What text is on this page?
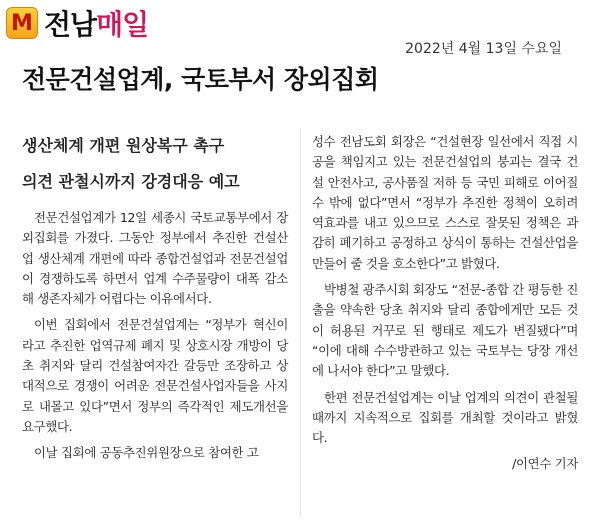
M 전남매일
2022년 4월 13일 수요일
전문건설업계, 국토부서 장외집회

생산체계 개편 원상복구 촉구

의견 관철시까지 강경대응 예고

전문건설업계가 12일 세종시 국토교통부에서 장외집회를 가졌다. 그동안 정부에서 추진한 건설산업 생산체계 개편에 따라 종합건설업과 전문건설업이 경쟁하도록 하면서 업계 수주물량이 대폭 감소해 생존자체가 어렵다는 이유에서다.

이번 집회에서 전문건설업계는 “정부가 혁신이라고 추진한 업역규제 폐지 및 상호시장 개방이 당초 취지와 달리 건설참여자간 갈등만 조장하고 상대적으로 경쟁이 어려운 전문건설사업자들을 사지로 내몰고 있다”면서 정부의 즉각적인 제도개선을 요구했다.

이날 집회에 공동추진위원장으로 참여한 고

성수 전남도회 회장은 “건설현장 일선에서 직접 시공을 책임지고 있는 전문건설업의 붕괴는 결국 건설 안전사고, 공사품질 저하 등 국민 피해로 이어질 수 밖에 없다”면서 “정부가 추진한 정책이 오히려 역효과를 내고 있으므로 스스로 잘못된 정책은 과감히 폐기하고 공정하고 상식이 통하는 건설산업을 만들어 줄 것을 호소한다”고 밝혔다.

박병철 광주시회 회장도 “전문-종합 간 평등한 진출을 약속한 당초 취지와 달리 종합에게만 모든 것이 허용된 거꾸로 된 행태로 제도가 변질됐다”며 “이에 대해 수수방관하고 있는 국토부는 당장 개선에 나서야 한다”고 말했다.

한편 전문건설업계는 이날 업계의 의견이 관철될 때까지 지속적으로 집회를 개최할 것이라고 밝혔다.

/이연수 기자
